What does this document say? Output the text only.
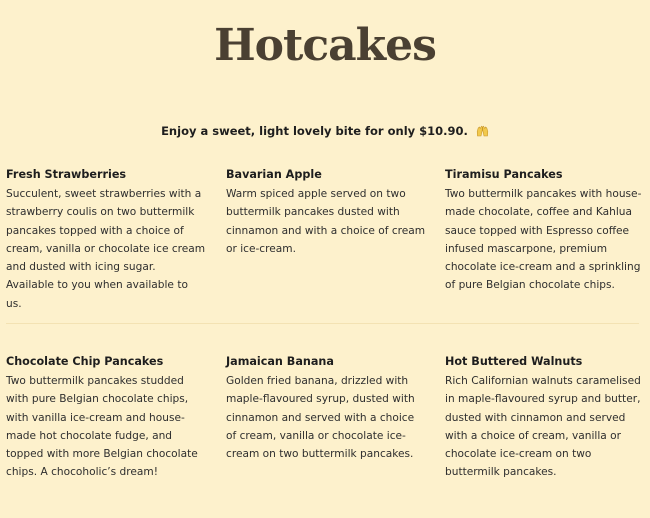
Hotcakes
Enjoy a sweet, light lovely bite for only $10.90.

Fresh Strawberries

Succulent, sweet strawberries with a strawberry coulis on two buttermilk pancakes topped with a choice of cream, vanilla or chocolate ice cream and dusted with icing sugar. Available to you when available to us.

Bavarian Apple

Warm spiced apple served on two buttermilk pancakes dusted with cinnamon and with a choice of cream or ice-cream.

Tiramisu Pancakes

Two buttermilk pancakes with house-made chocolate, coffee and Kahlua sauce topped with Espresso coffee infused mascarpone, premium chocolate ice-cream and a sprinkling of pure Belgian chocolate chips.

Chocolate Chip Pancakes

Two buttermilk pancakes studded with pure Belgian chocolate chips, with vanilla ice-cream and house-made hot chocolate fudge, and topped with more Belgian chocolate chips. A chocoholic’s dream!

Jamaican Banana

Golden fried banana, drizzled with maple-flavoured syrup, dusted with cinnamon and served with a choice of cream, vanilla or chocolate ice-cream on two buttermilk pancakes.

Hot Buttered Walnuts

Rich Californian walnuts caramelised in maple-flavoured syrup and butter, dusted with cinnamon and served with a choice of cream, vanilla or chocolate ice-cream on two buttermilk pancakes.
